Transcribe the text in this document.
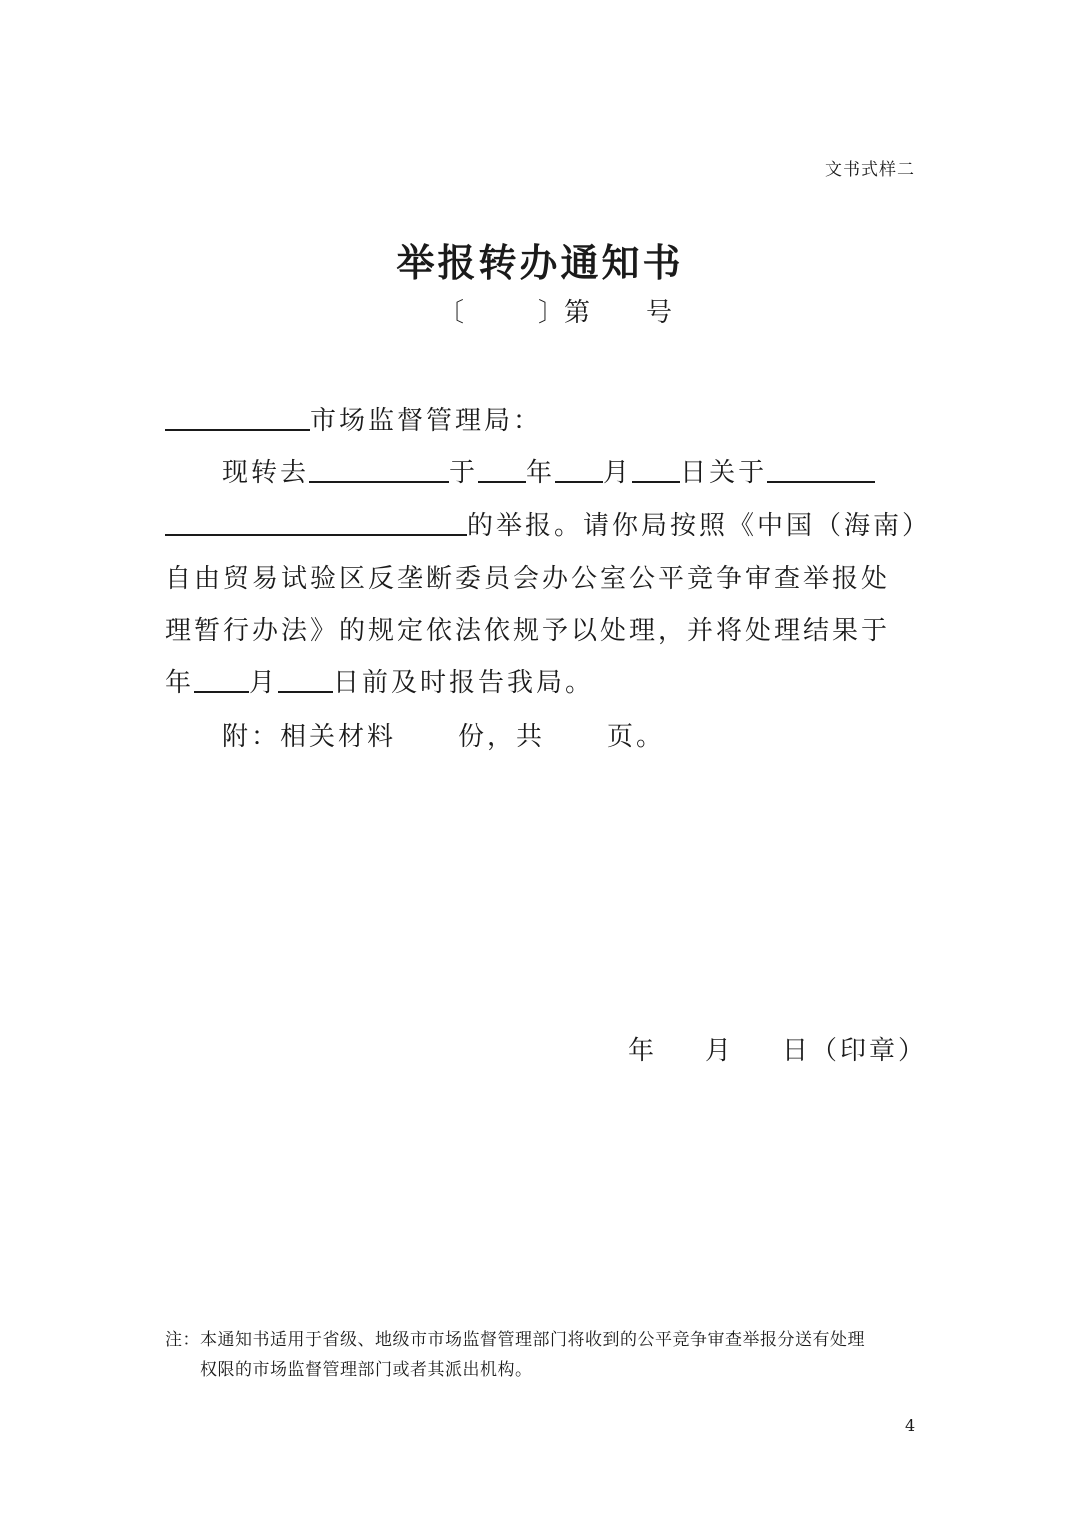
文书式样二
举报转办通知书
〔	〕第 号
市场监督管理局：
现转去	于 年 月 日关于
的举报。请你局按照《中国（海南）
自由贸易试验区反垄断委员会办公室公平竞争审查举报处
理暂行办法》的规定依法依规予以处理，并将处理结果于
年 月 日前及时报告我局。
附：相关材料 份，共 页。
年 月 日（印章）
注：本通知书适用于省级、地级市市场监督管理部门将收到的公平竞争审查举报分送有处理
权限的市场监督管理部门或者其派出机构。
4
